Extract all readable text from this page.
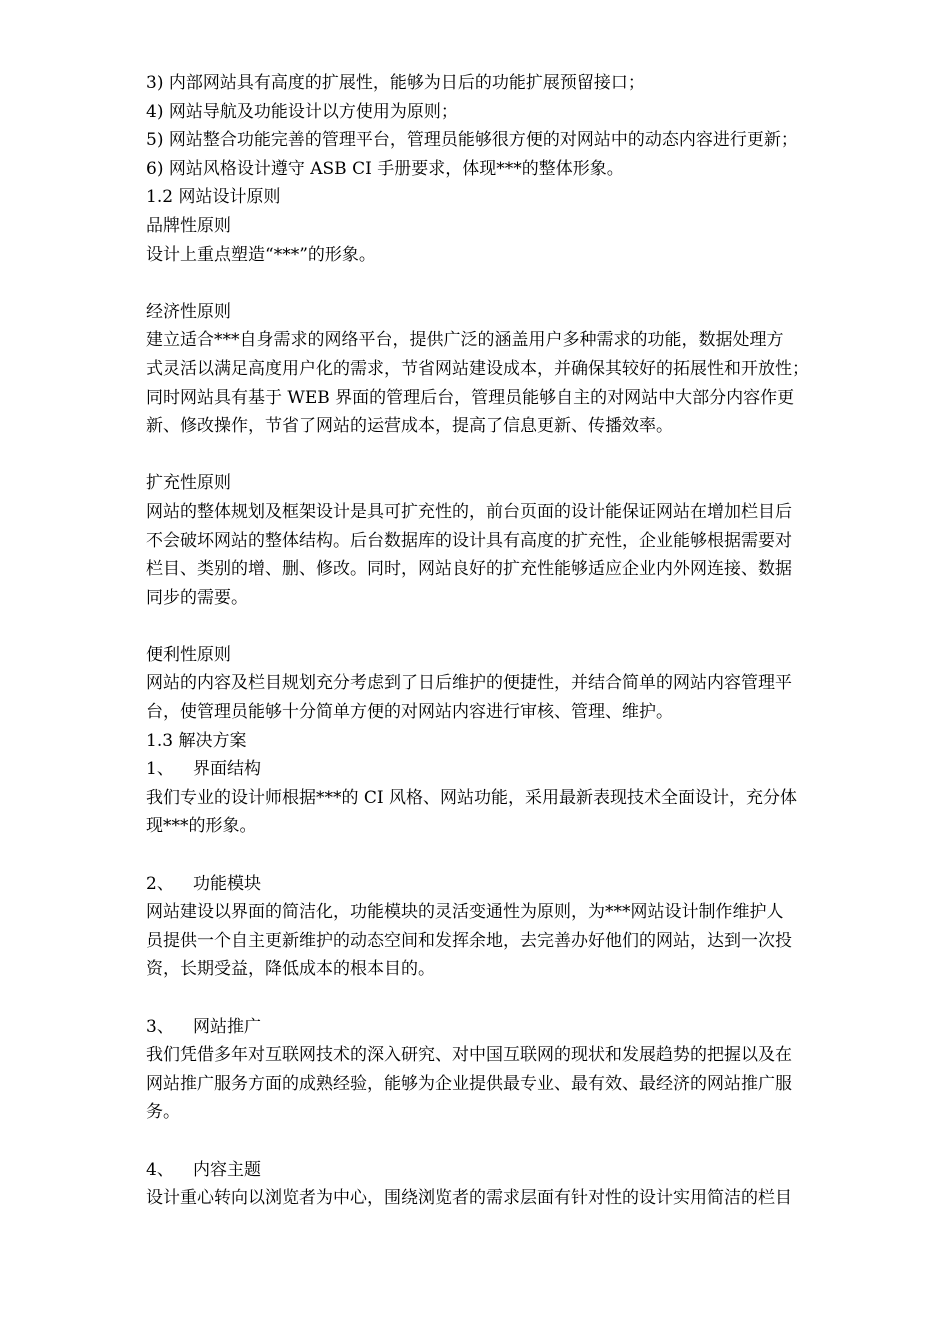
3) 内部网站具有高度的扩展性，能够为日后的功能扩展预留接口；
4) 网站导航及功能设计以方使用为原则；
5) 网站整合功能完善的管理平台，管理员能够很方便的对网站中的动态内容进行更新；
6) 网站风格设计遵守 ASB CI 手册要求，体现***的整体形象。
1.2 网站设计原则
品牌性原则
设计上重点塑造“***”的形象。
经济性原则
建立适合***自身需求的网络平台，提供广泛的涵盖用户多种需求的功能，数据处理方
式灵活以满足高度用户化的需求，节省网站建设成本，并确保其较好的拓展性和开放性；
同时网站具有基于 WEB 界面的管理后台，管理员能够自主的对网站中大部分内容作更
新、修改操作，节省了网站的运营成本，提高了信息更新、传播效率。
扩充性原则
网站的整体规划及框架设计是具可扩充性的，前台页面的设计能保证网站在增加栏目后
不会破坏网站的整体结构。后台数据库的设计具有高度的扩充性，企业能够根据需要对
栏目、类别的增、删、修改。同时，网站良好的扩充性能够适应企业内外网连接、数据
同步的需要。
便利性原则
网站的内容及栏目规划充分考虑到了日后维护的便捷性，并结合简单的网站内容管理平
台，使管理员能够十分简单方便的对网站内容进行审核、管理、维护。
1.3 解决方案
1、 界面结构
我们专业的设计师根据***的 CI 风格、网站功能，采用最新表现技术全面设计，充分体
现***的形象。
2、 功能模块
网站建设以界面的简洁化，功能模块的灵活变通性为原则，为***网站设计制作维护人
员提供一个自主更新维护的动态空间和发挥余地，去完善办好他们的网站，达到一次投
资，长期受益，降低成本的根本目的。
3、 网站推广
我们凭借多年对互联网技术的深入研究、对中国互联网的现状和发展趋势的把握以及在
网站推广服务方面的成熟经验，能够为企业提供最专业、最有效、最经济的网站推广服
务。
4、 内容主题
设计重心转向以浏览者为中心，围绕浏览者的需求层面有针对性的设计实用简洁的栏目
